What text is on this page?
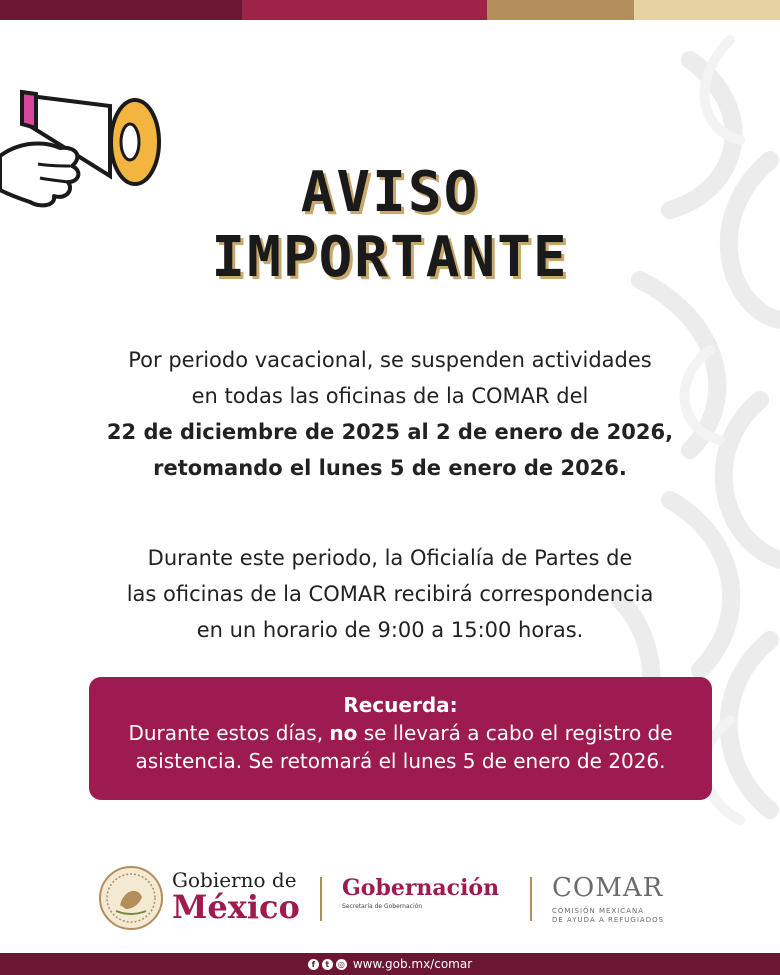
AVISO
IMPORTANTE
Por periodo vacacional, se suspenden actividades
en todas las oficinas de la COMAR del
22 de diciembre de 2025 al 2 de enero de 2026,
retomando el lunes 5 de enero de 2026.
Durante este periodo, la Oficialía de Partes de
las oficinas de la COMAR recibirá correspondencia
en un horario de 9:00 a 15:00 horas.
Recuerda:
Durante estos días, no se llevará a cabo el registro de
asistencia. Se retomará el lunes 5 de enero de 2026.
Gobierno de
México Gobernación
Secretaría de Gobernación
COMAR
COMISIÓN MEXICANA
DE AYUDA A REFUGIADOS
f	t	◎ www.gob.mx/comar
